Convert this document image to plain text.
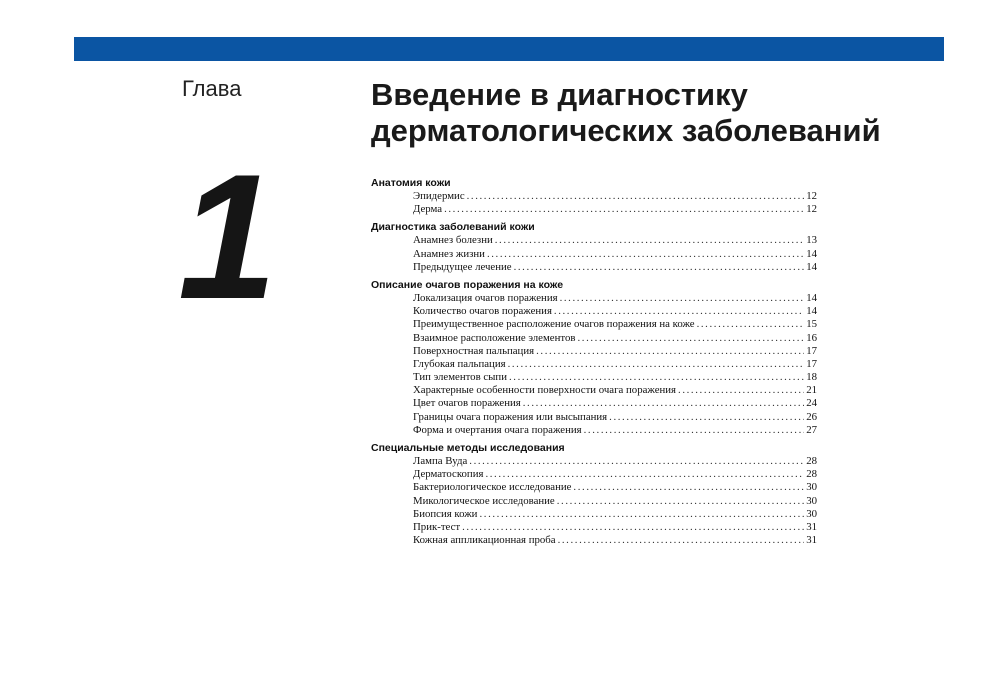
Глава
1
Введение в диагностику
дерматологических заболеваний
Анатомия кожи
Эпидермис .....	12
Дерма .....	12
Диагностика заболеваний кожи
Анамнез болезни .....	13
Анамнез жизни .....	14
Предыдущее лечение .....	14
Описание очагов поражения на коже
Локализация очагов поражения .....	14
Количество очагов поражения .....	14
Преимущественное расположение очагов поражения на коже .....	15
Взаимное расположение элементов .....	16
Поверхностная пальпация .....	17
Глубокая пальпация .....	17
Тип элементов сыпи .....	18
Характерные особенности поверхности очага поражения .....	21
Цвет очагов поражения .....	24
Границы очага поражения или высыпания .....	26
Форма и очертания очага поражения .....	27
Специальные методы исследования
Лампа Вуда .....	28
Дерматоскопия .....	28
Бактериологическое исследование .....	30
Микологическое исследование .....	30
Биопсия кожи .....	30
Прик-тест .....	31
Кожная аппликационная проба .....	31
